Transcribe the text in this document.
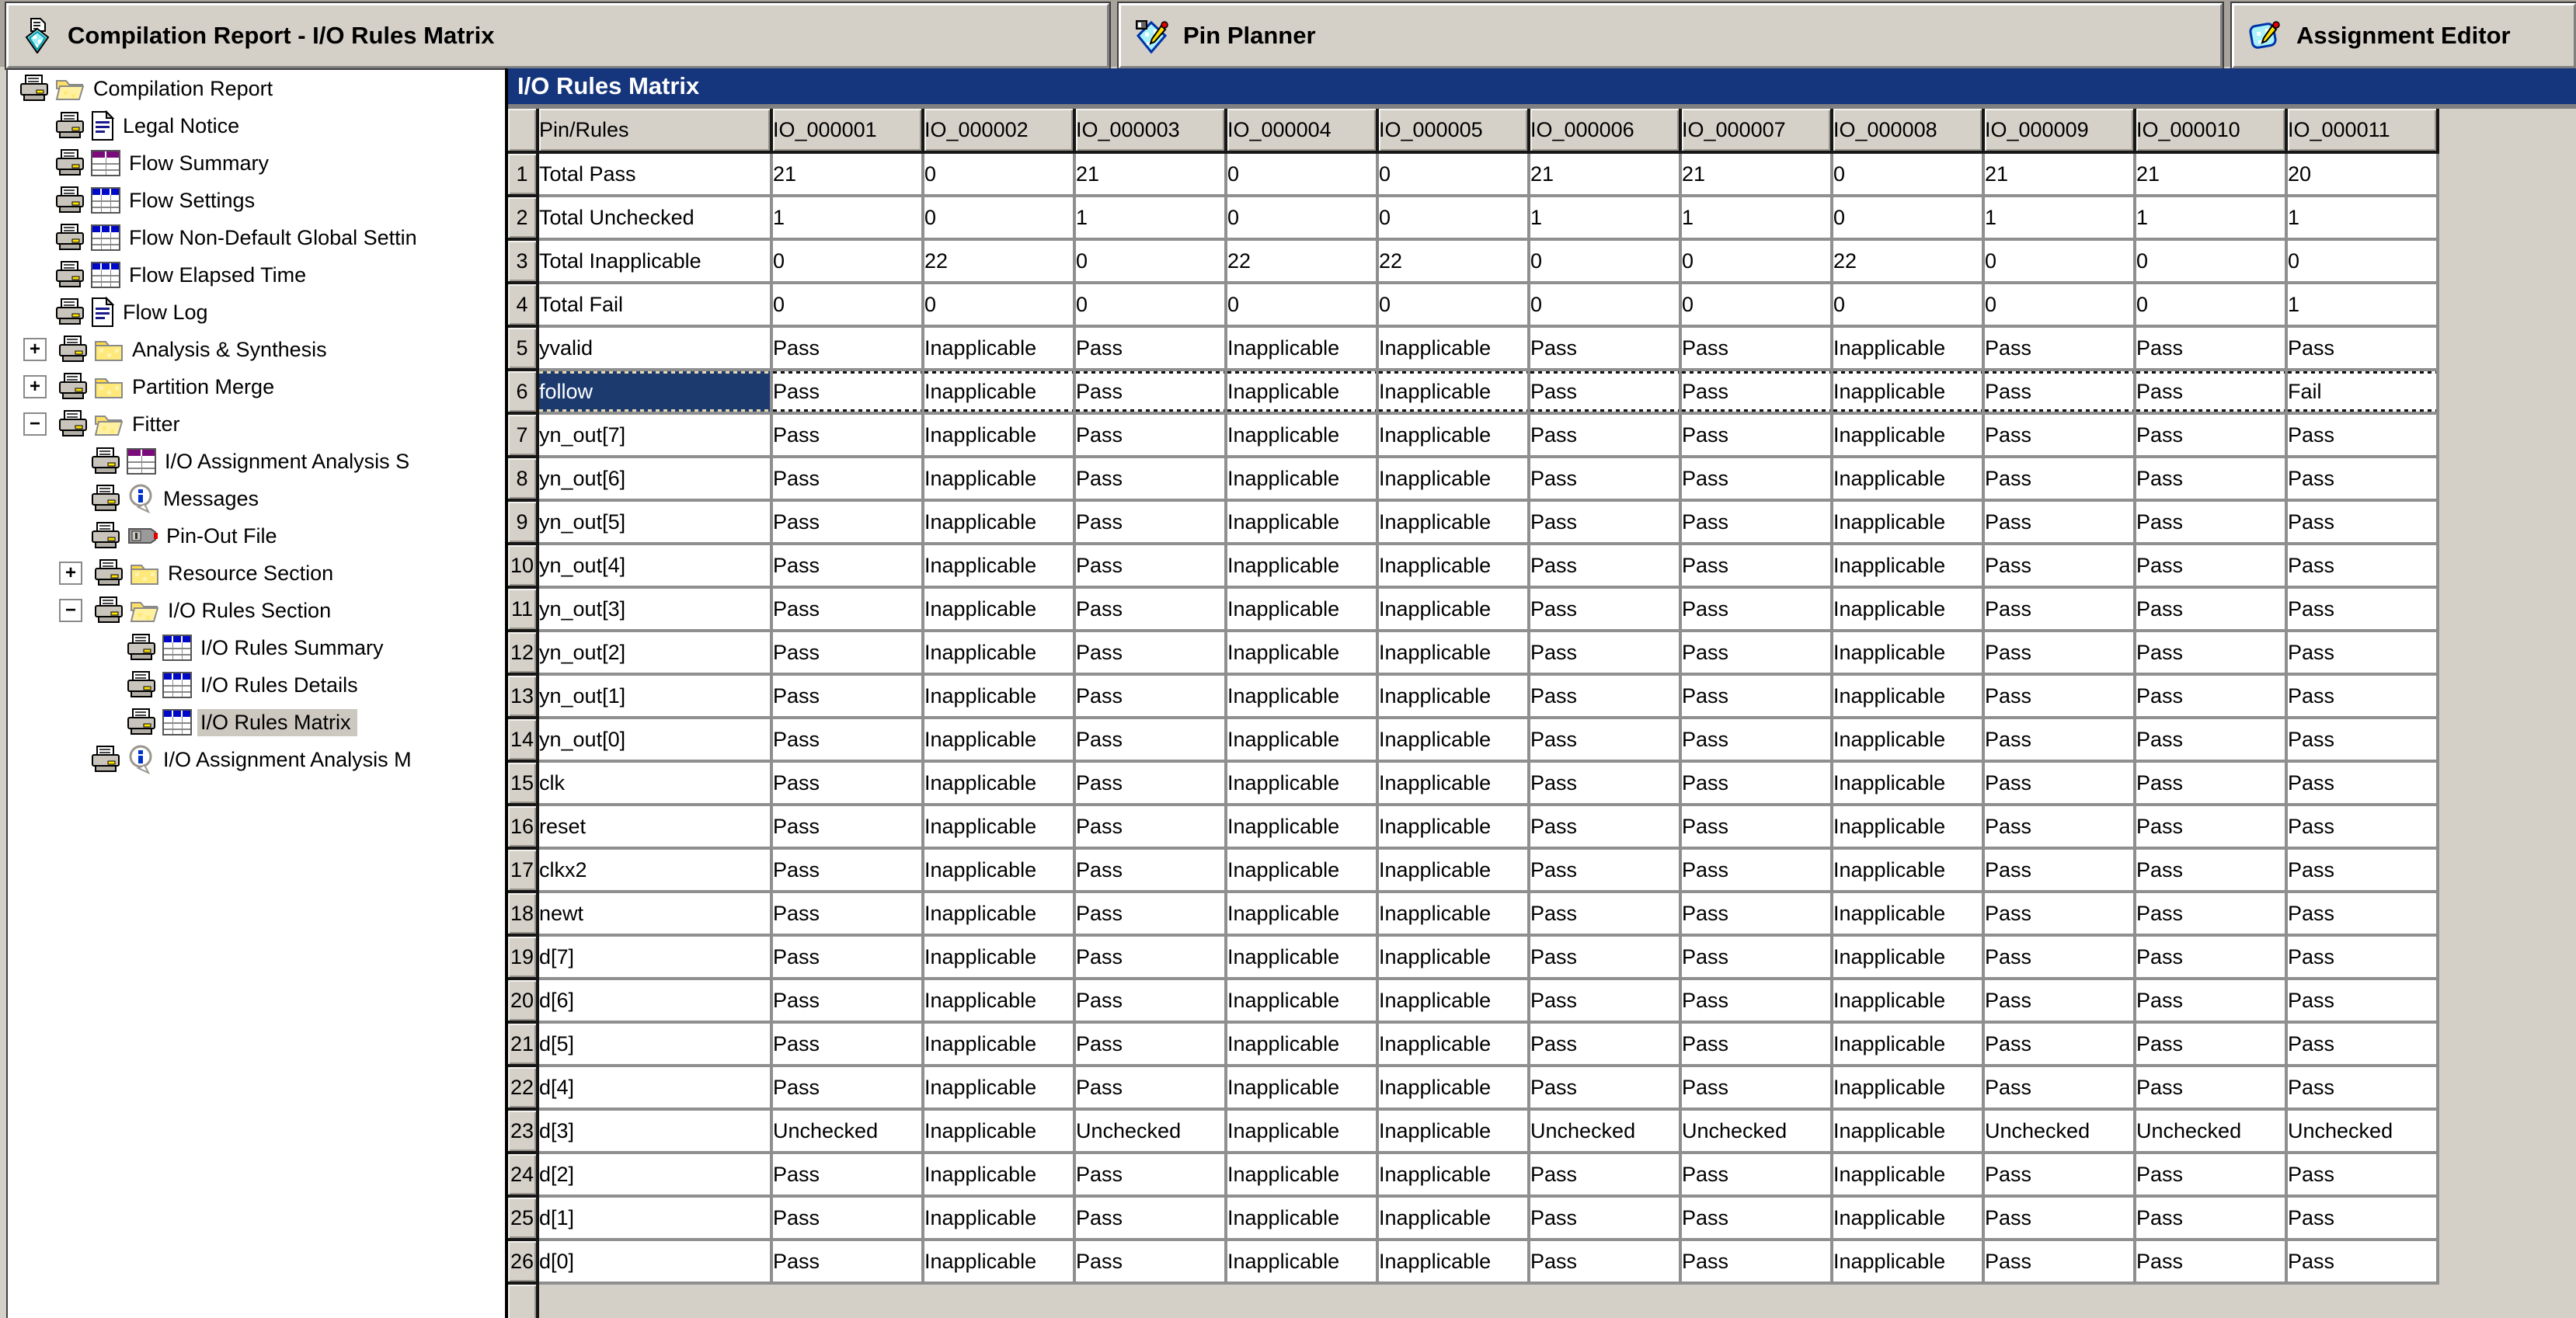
Compilation Report - I/O Rules Matrix	Pin Planner	Assignment Editor
Compilation Report
Legal Notice
Flow Summary
Flow Settings
Flow Non-Default Global Settin
Flow Elapsed Time
Flow Log
+	Analysis & Synthesis
+	Partition Merge
−	Fitter
I/O Assignment Analysis S
Messages
Pin-Out File
+	Resource Section
−	I/O Rules Section
I/O Rules Summary
I/O Rules Details
I/O Rules Matrix
I/O Assignment Analysis M
I/O Rules Matrix
	Pin/Rules	IO_000001	IO_000002	IO_000003	IO_000004	IO_000005	IO_000006	IO_000007	IO_000008	IO_000009	IO_000010	IO_000011
1	Total Pass	21	0	21	0	0	21	21	0	21	21	20
2	Total Unchecked	1	0	1	0	0	1	1	0	1	1	1
3	Total Inapplicable	0	22	0	22	22	0	0	22	0	0	0
4	Total Fail	0	0	0	0	0	0	0	0	0	0	1
5	yvalid	Pass	Inapplicable	Pass	Inapplicable	Inapplicable	Pass	Pass	Inapplicable	Pass	Pass	Pass
6	follow	Pass	Inapplicable	Pass	Inapplicable	Inapplicable	Pass	Pass	Inapplicable	Pass	Pass	Fail
7	yn_out[7]	Pass	Inapplicable	Pass	Inapplicable	Inapplicable	Pass	Pass	Inapplicable	Pass	Pass	Pass
8	yn_out[6]	Pass	Inapplicable	Pass	Inapplicable	Inapplicable	Pass	Pass	Inapplicable	Pass	Pass	Pass
9	yn_out[5]	Pass	Inapplicable	Pass	Inapplicable	Inapplicable	Pass	Pass	Inapplicable	Pass	Pass	Pass
10	yn_out[4]	Pass	Inapplicable	Pass	Inapplicable	Inapplicable	Pass	Pass	Inapplicable	Pass	Pass	Pass
11	yn_out[3]	Pass	Inapplicable	Pass	Inapplicable	Inapplicable	Pass	Pass	Inapplicable	Pass	Pass	Pass
12	yn_out[2]	Pass	Inapplicable	Pass	Inapplicable	Inapplicable	Pass	Pass	Inapplicable	Pass	Pass	Pass
13	yn_out[1]	Pass	Inapplicable	Pass	Inapplicable	Inapplicable	Pass	Pass	Inapplicable	Pass	Pass	Pass
14	yn_out[0]	Pass	Inapplicable	Pass	Inapplicable	Inapplicable	Pass	Pass	Inapplicable	Pass	Pass	Pass
15	clk	Pass	Inapplicable	Pass	Inapplicable	Inapplicable	Pass	Pass	Inapplicable	Pass	Pass	Pass
16	reset	Pass	Inapplicable	Pass	Inapplicable	Inapplicable	Pass	Pass	Inapplicable	Pass	Pass	Pass
17	clkx2	Pass	Inapplicable	Pass	Inapplicable	Inapplicable	Pass	Pass	Inapplicable	Pass	Pass	Pass
18	newt	Pass	Inapplicable	Pass	Inapplicable	Inapplicable	Pass	Pass	Inapplicable	Pass	Pass	Pass
19	d[7]	Pass	Inapplicable	Pass	Inapplicable	Inapplicable	Pass	Pass	Inapplicable	Pass	Pass	Pass
20	d[6]	Pass	Inapplicable	Pass	Inapplicable	Inapplicable	Pass	Pass	Inapplicable	Pass	Pass	Pass
21	d[5]	Pass	Inapplicable	Pass	Inapplicable	Inapplicable	Pass	Pass	Inapplicable	Pass	Pass	Pass
22	d[4]	Pass	Inapplicable	Pass	Inapplicable	Inapplicable	Pass	Pass	Inapplicable	Pass	Pass	Pass
23	d[3]	Unchecked	Inapplicable	Unchecked	Inapplicable	Inapplicable	Unchecked	Unchecked	Inapplicable	Unchecked	Unchecked	Unchecked
24	d[2]	Pass	Inapplicable	Pass	Inapplicable	Inapplicable	Pass	Pass	Inapplicable	Pass	Pass	Pass
25	d[1]	Pass	Inapplicable	Pass	Inapplicable	Inapplicable	Pass	Pass	Inapplicable	Pass	Pass	Pass
26	d[0]	Pass	Inapplicable	Pass	Inapplicable	Inapplicable	Pass	Pass	Inapplicable	Pass	Pass	Pass
